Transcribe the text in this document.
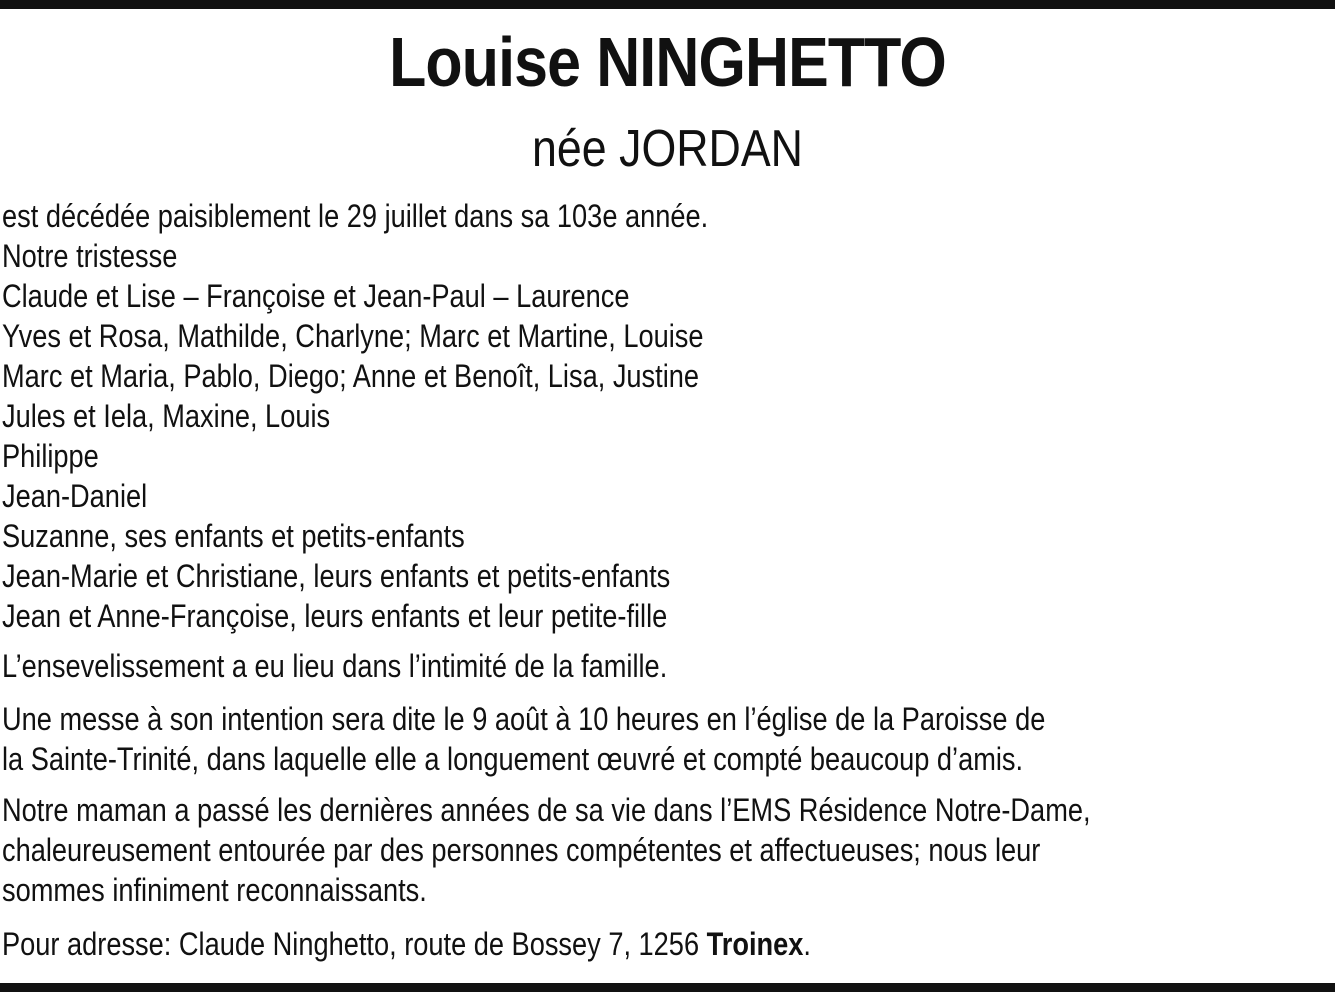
Louise NINGHETTO
née JORDAN
est décédée paisiblement le 29 juillet dans sa 103e année.
Notre tristesse
Claude et Lise – Françoise et Jean-Paul – Laurence
Yves et Rosa, Mathilde, Charlyne; Marc et Martine, Louise
Marc et Maria, Pablo, Diego; Anne et Benoît, Lisa, Justine
Jules et Iela, Maxine, Louis
Philippe
Jean-Daniel
Suzanne, ses enfants et petits-enfants
Jean-Marie et Christiane, leurs enfants et petits-enfants
Jean et Anne-Françoise, leurs enfants et leur petite-fille
L’ensevelissement a eu lieu dans l’intimité de la famille.
Une messe à son intention sera dite le 9 août à 10 heures en l’église de la Paroisse de
la Sainte-Trinité, dans laquelle elle a longuement œuvré et compté beaucoup d’amis.
Notre maman a passé les dernières années de sa vie dans l’EMS Résidence Notre-Dame,
chaleureusement entourée par des personnes compétentes et affectueuses; nous leur
sommes infiniment reconnaissants.
Pour adresse: Claude Ninghetto, route de Bossey 7, 1256 Troinex.
